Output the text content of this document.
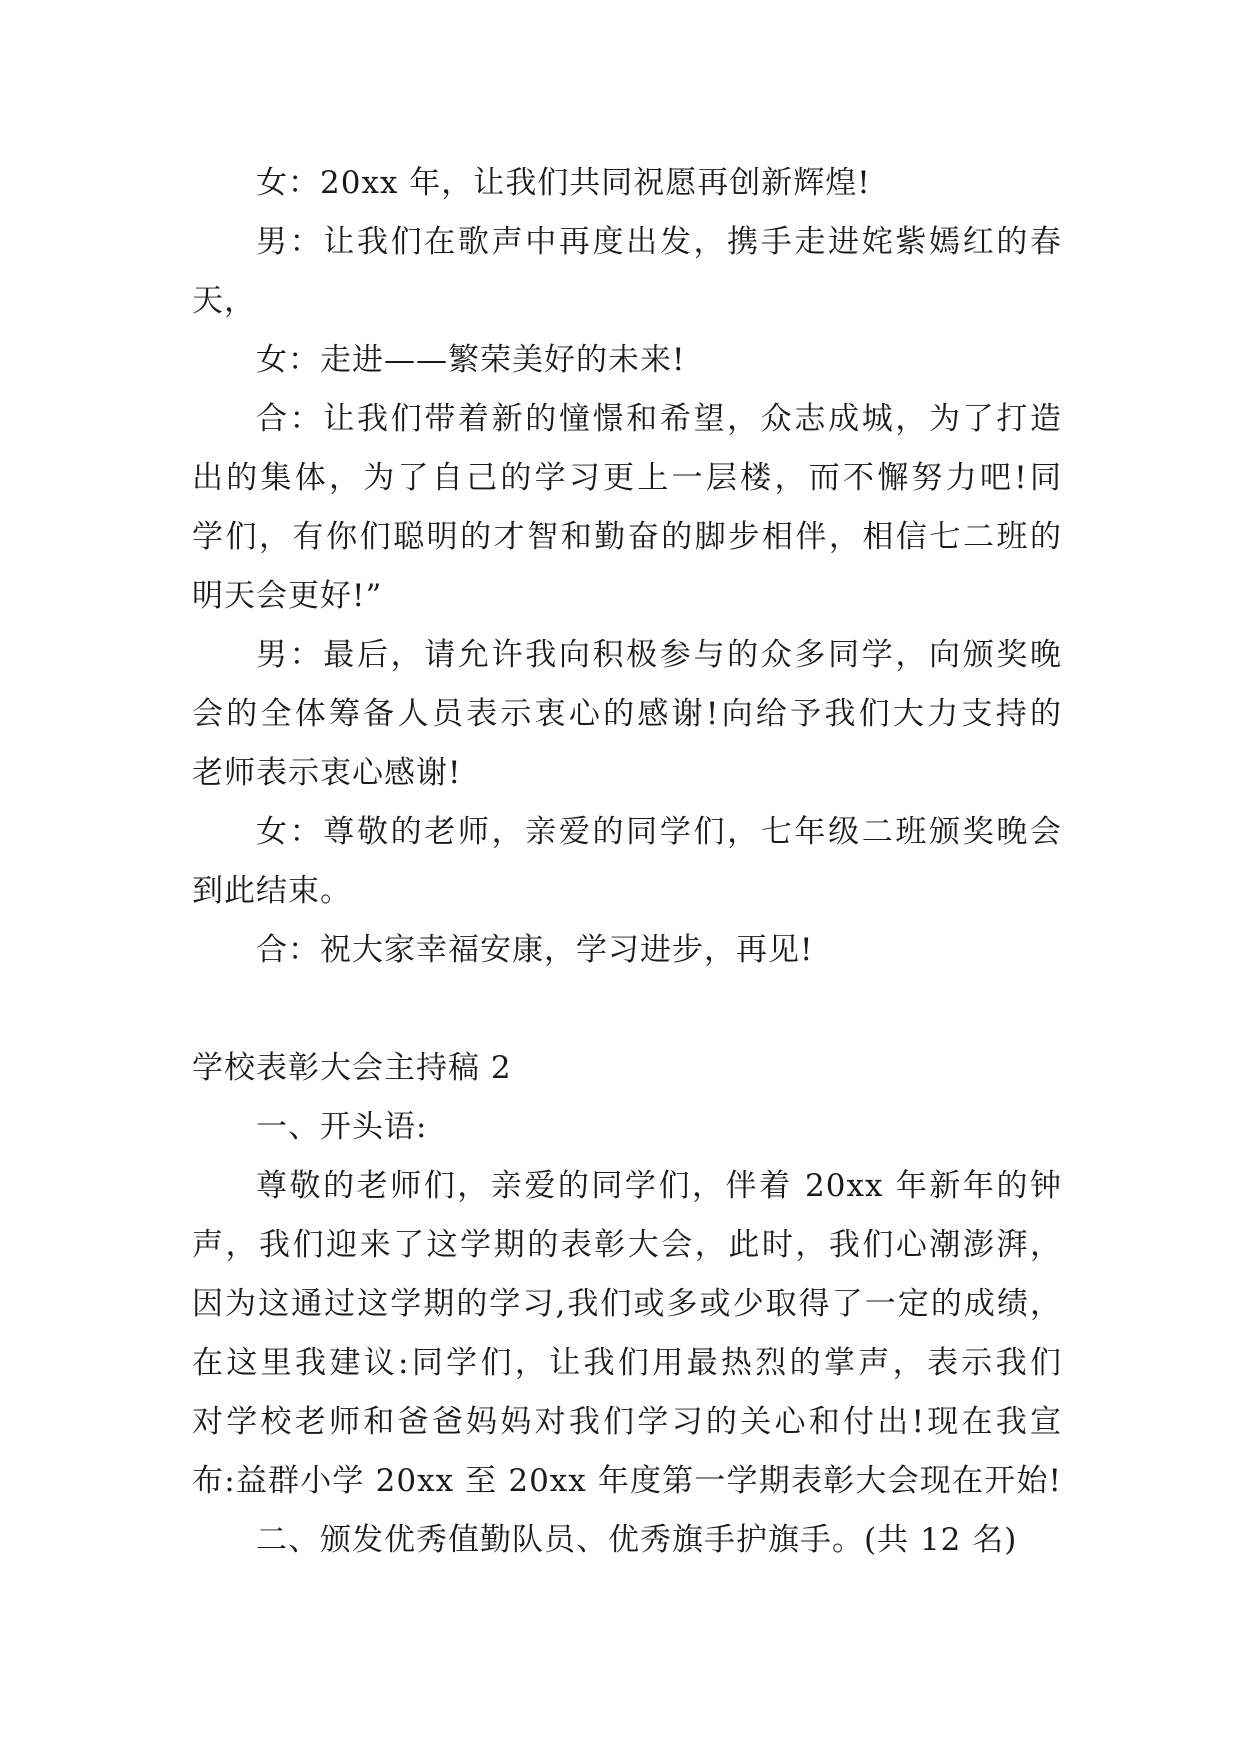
女：20xx 年，让我们共同祝愿再创新辉煌!
男：让我们在歌声中再度出发，携手走进姹紫嫣红的春
天，
女：走进——繁荣美好的未来!
合：让我们带着新的憧憬和希望，众志成城，为了打造
出的集体，为了自己的学习更上一层楼，而不懈努力吧!同
学们，有你们聪明的才智和勤奋的脚步相伴，相信七二班的
明天会更好!”
男：最后，请允许我向积极参与的众多同学，向颁奖晚
会的全体筹备人员表示衷心的感谢!向给予我们大力支持的
老师表示衷心感谢!
女：尊敬的老师，亲爱的同学们，七年级二班颁奖晚会
到此结束。
合：祝大家幸福安康，学习进步，再见!
学校表彰大会主持稿 2
一、开头语:
尊敬的老师们，亲爱的同学们，伴着 20xx 年新年的钟
声，我们迎来了这学期的表彰大会，此时，我们心潮澎湃，
因为这通过这学期的学习,我们或多或少取得了一定的成绩，
在这里我建议:同学们，让我们用最热烈的掌声，表示我们
对学校老师和爸爸妈妈对我们学习的关心和付出!现在我宣
布:益群小学 20xx 至 20xx 年度第一学期表彰大会现在开始!
二、颁发优秀值勤队员、优秀旗手护旗手。(共 12 名)
